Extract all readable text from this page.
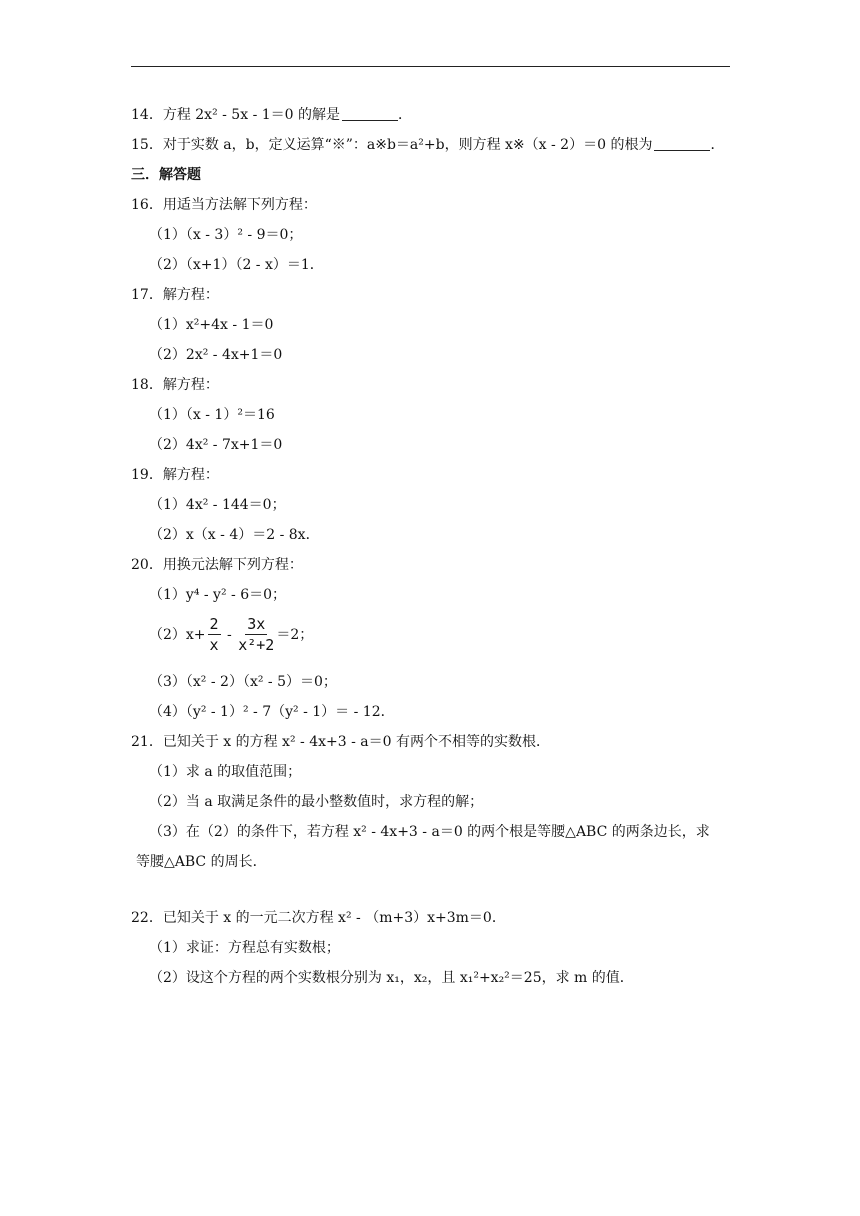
14．方程 2x² - 5x - 1＝0 的解是	．
15．对于实数 a，b，定义运算“※”：a※b＝a²+b，则方程 x※（x - 2）＝0 的根为	．
三．解答题
16．用适当方法解下列方程：
（1）（x - 3）² - 9＝0；
（2）（x+1）（2 - x）＝1．
17．解方程：
（1）x²+4x - 1＝0
（2）2x² - 4x+1＝0
18．解方程：
（1）（x - 1）²＝16
（2）4x² - 7x+1＝0
19．解方程：
（1）4x² - 144＝0；
（2）x（x - 4）＝2 - 8x．
20．用换元法解下列方程：
（1）y⁴ - y² - 6＝0；
（3）（x² - 2）（x² - 5）＝0；
（4）（y² - 1）² - 7（y² - 1）＝ - 12．
21．已知关于 x 的方程 x² - 4x+3 - a＝0 有两个不相等的实数根．
（1）求 a 的取值范围；
（2）当 a 取满足条件的最小整数值时，求方程的解；
（3）在（2）的条件下，若方程 x² - 4x+3 - a＝0 的两个根是等腰△ABC 的两条边长，求
等腰△ABC 的周长．
22．已知关于 x 的一元二次方程 x² - （m+3）x+3m＝0．
（1）求证：方程总有实数根；
（2）设这个方程的两个实数根分别为 x₁，x₂，且 x₁²+x₂²＝25，求 m 的值．
$(2)x+ \frac{2}{x} - \frac{3x}{\text{x²+2}} =2$；
